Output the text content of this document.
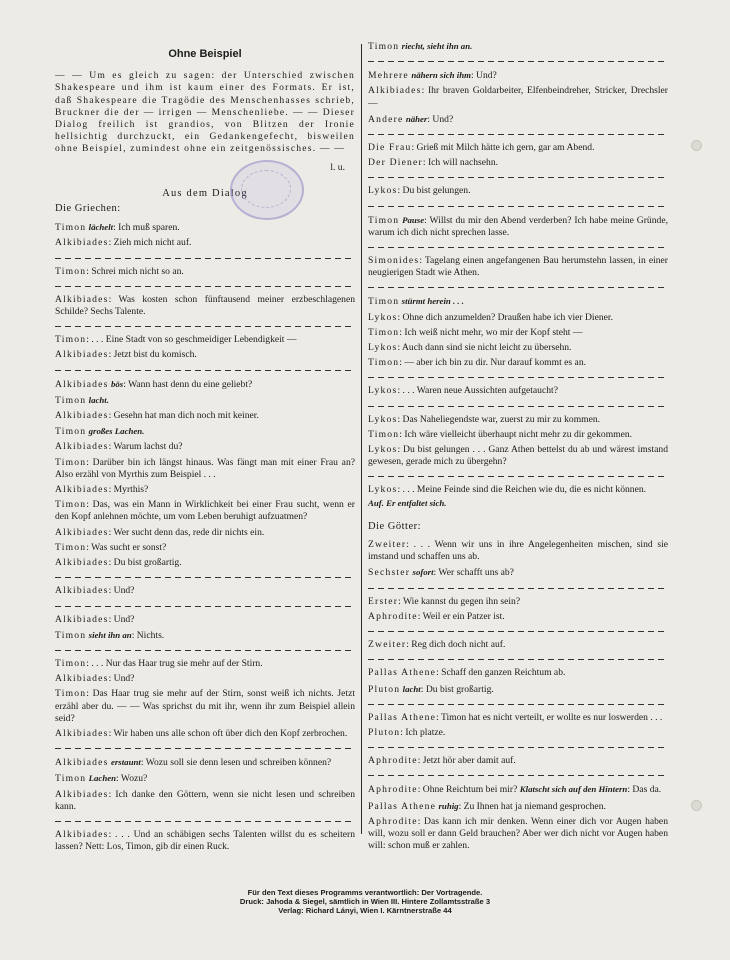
Ohne Beispiel

— — Um es gleich zu sagen: der Unterschied zwischen Shakespeare und ihm ist kaum einer des Formats. Er ist, daß Shakespeare die Tragödie des Menschenhasses schrieb, Bruckner die der — irrigen — Menschenliebe. — — Dieser Dialog freilich ist grandios, von Blitzen der Ironie hellsichtig durchzuckt, ein Gedankengefecht, bisweilen ohne Beispiel, zumindest ohne ein zeitgenössisches. — —

l. u.
Aus dem Dialog
Die Griechen:
Timon lächelt: Ich muß sparen.
Alkibiades: Zieh mich nicht auf.
Timon: Schrei mich nicht so an.
Alkibiades: Was kosten schon fünftausend meiner erzbeschlagenen Schilde? Sechs Talente.
Timon: . . . Eine Stadt von so geschmeidiger Lebendigkeit —
Alkibiades: Jetzt bist du komisch.
Alkibiades bös: Wann hast denn du eine geliebt?
Timon lacht.
Alkibiades: Gesehn hat man dich noch mit keiner.
Timon großes Lachen.
Alkibiades: Warum lachst du?
Timon: Darüber bin ich längst hinaus. Was fängt man mit einer Frau an? Also erzähl von Myrthis zum Beispiel . . .
Alkibiades: Myrthis?
Timon: Das, was ein Mann in Wirklichkeit bei einer Frau sucht, wenn er den Kopf anlehnen möchte, um vom Leben beruhigt aufzuatmen?
Alkibiades: Wer sucht denn das, rede dir nichts ein.
Timon: Was sucht er sonst?
Alkibiades: Du bist großartig.
Alkibiades: Und?
Alkibiades: Und?
Timon sieht ihn an: Nichts.
Timon: . . . Nur das Haar trug sie mehr auf der Stirn.
Alkibiades: Und?
Timon: Das Haar trug sie mehr auf der Stirn, sonst weiß ich nichts. Jetzt erzähl aber du. — — Was sprichst du mit ihr, wenn ihr zum Beispiel allein seid?
Alkibiades: Wir haben uns alle schon oft über dich den Kopf zerbrochen.
Alkibiades erstaunt: Wozu soll sie denn lesen und schreiben können?
Timon Lachen: Wozu?
Alkibiades: Ich danke den Göttern, wenn sie nicht lesen und schreiben kann.
Alkibiades: . . . Und an schäbigen sechs Talenten willst du es scheitern lassen? Nett: Los, Timon, gib dir einen Ruck.
Timon riecht, sieht ihn an.
Mehrere nähern sich ihm: Und?
Alkibiades: Ihr braven Goldarbeiter, Elfenbeindreher, Stricker, Drechsler —
Andere näher: Und?
Die Frau: Grieß mit Milch hätte ich gern, gar am Abend.
Der Diener: Ich will nachsehn.
Lykos: Du bist gelungen.
Timon Pause: Willst du mir den Abend verderben? Ich habe meine Gründe, warum ich dich nicht sprechen lasse.
Simonides: Tagelang einen angefangenen Bau herumstehn lassen, in einer neugierigen Stadt wie Athen.
Timon stürmt herein . . .
Lykos: Ohne dich anzumelden? Draußen habe ich vier Diener.
Timon: Ich weiß nicht mehr, wo mir der Kopf steht —
Lykos: Auch dann sind sie nicht leicht zu übersehn.
Timon: — aber ich bin zu dir. Nur darauf kommt es an.
Lykos: . . . Waren neue Aussichten aufgetaucht?
Lykos: Das Naheliegendste war, zuerst zu mir zu kommen.
Timon: Ich wäre vielleicht überhaupt nicht mehr zu dir gekommen.
Lykos: Du bist gelungen . . . Ganz Athen bettelst du ab und wärest imstand gewesen, gerade mich zu übergehn?
Lykos: . . . Meine Feinde sind die Reichen wie du, die es nicht können.
Auf. Er entfaltet sich.
Die Götter:
Zweiter: . . . Wenn wir uns in ihre Angelegenheiten mischen, sind sie imstand und schaffen uns ab.
Sechster sofort: Wer schafft uns ab?
Erster: Wie kannst du gegen ihn sein?
Aphrodite: Weil er ein Patzer ist.
Zweiter: Reg dich doch nicht auf.
Pallas Athene: Schaff den ganzen Reichtum ab.
Pluton lacht: Du bist großartig.
Pallas Athene: Timon hat es nicht verteilt, er wollte es nur loswerden . . .
Pluton: Ich platze.
Aphrodite: Jetzt hör aber damit auf.
Aphrodite: Ohne Reichtum bei mir? Klatscht sich auf den Hintern: Das da.
Pallas Athene ruhig: Zu Ihnen hat ja niemand gesprochen.
Aphrodite: Das kann ich mir denken. Wenn einer dich vor Augen haben will, wozu soll er dann Geld brauchen? Aber wer dich nicht vor Augen haben will: schon muß er zahlen.
Für den Text dieses Programms verantwortlich: Der Vortragende.
Druck: Jahoda & Siegel, sämtlich in Wien III. Hintere Zollamtsstraße 3
Verlag: Richard Lányi, Wien I. Kärntnerstraße 44
